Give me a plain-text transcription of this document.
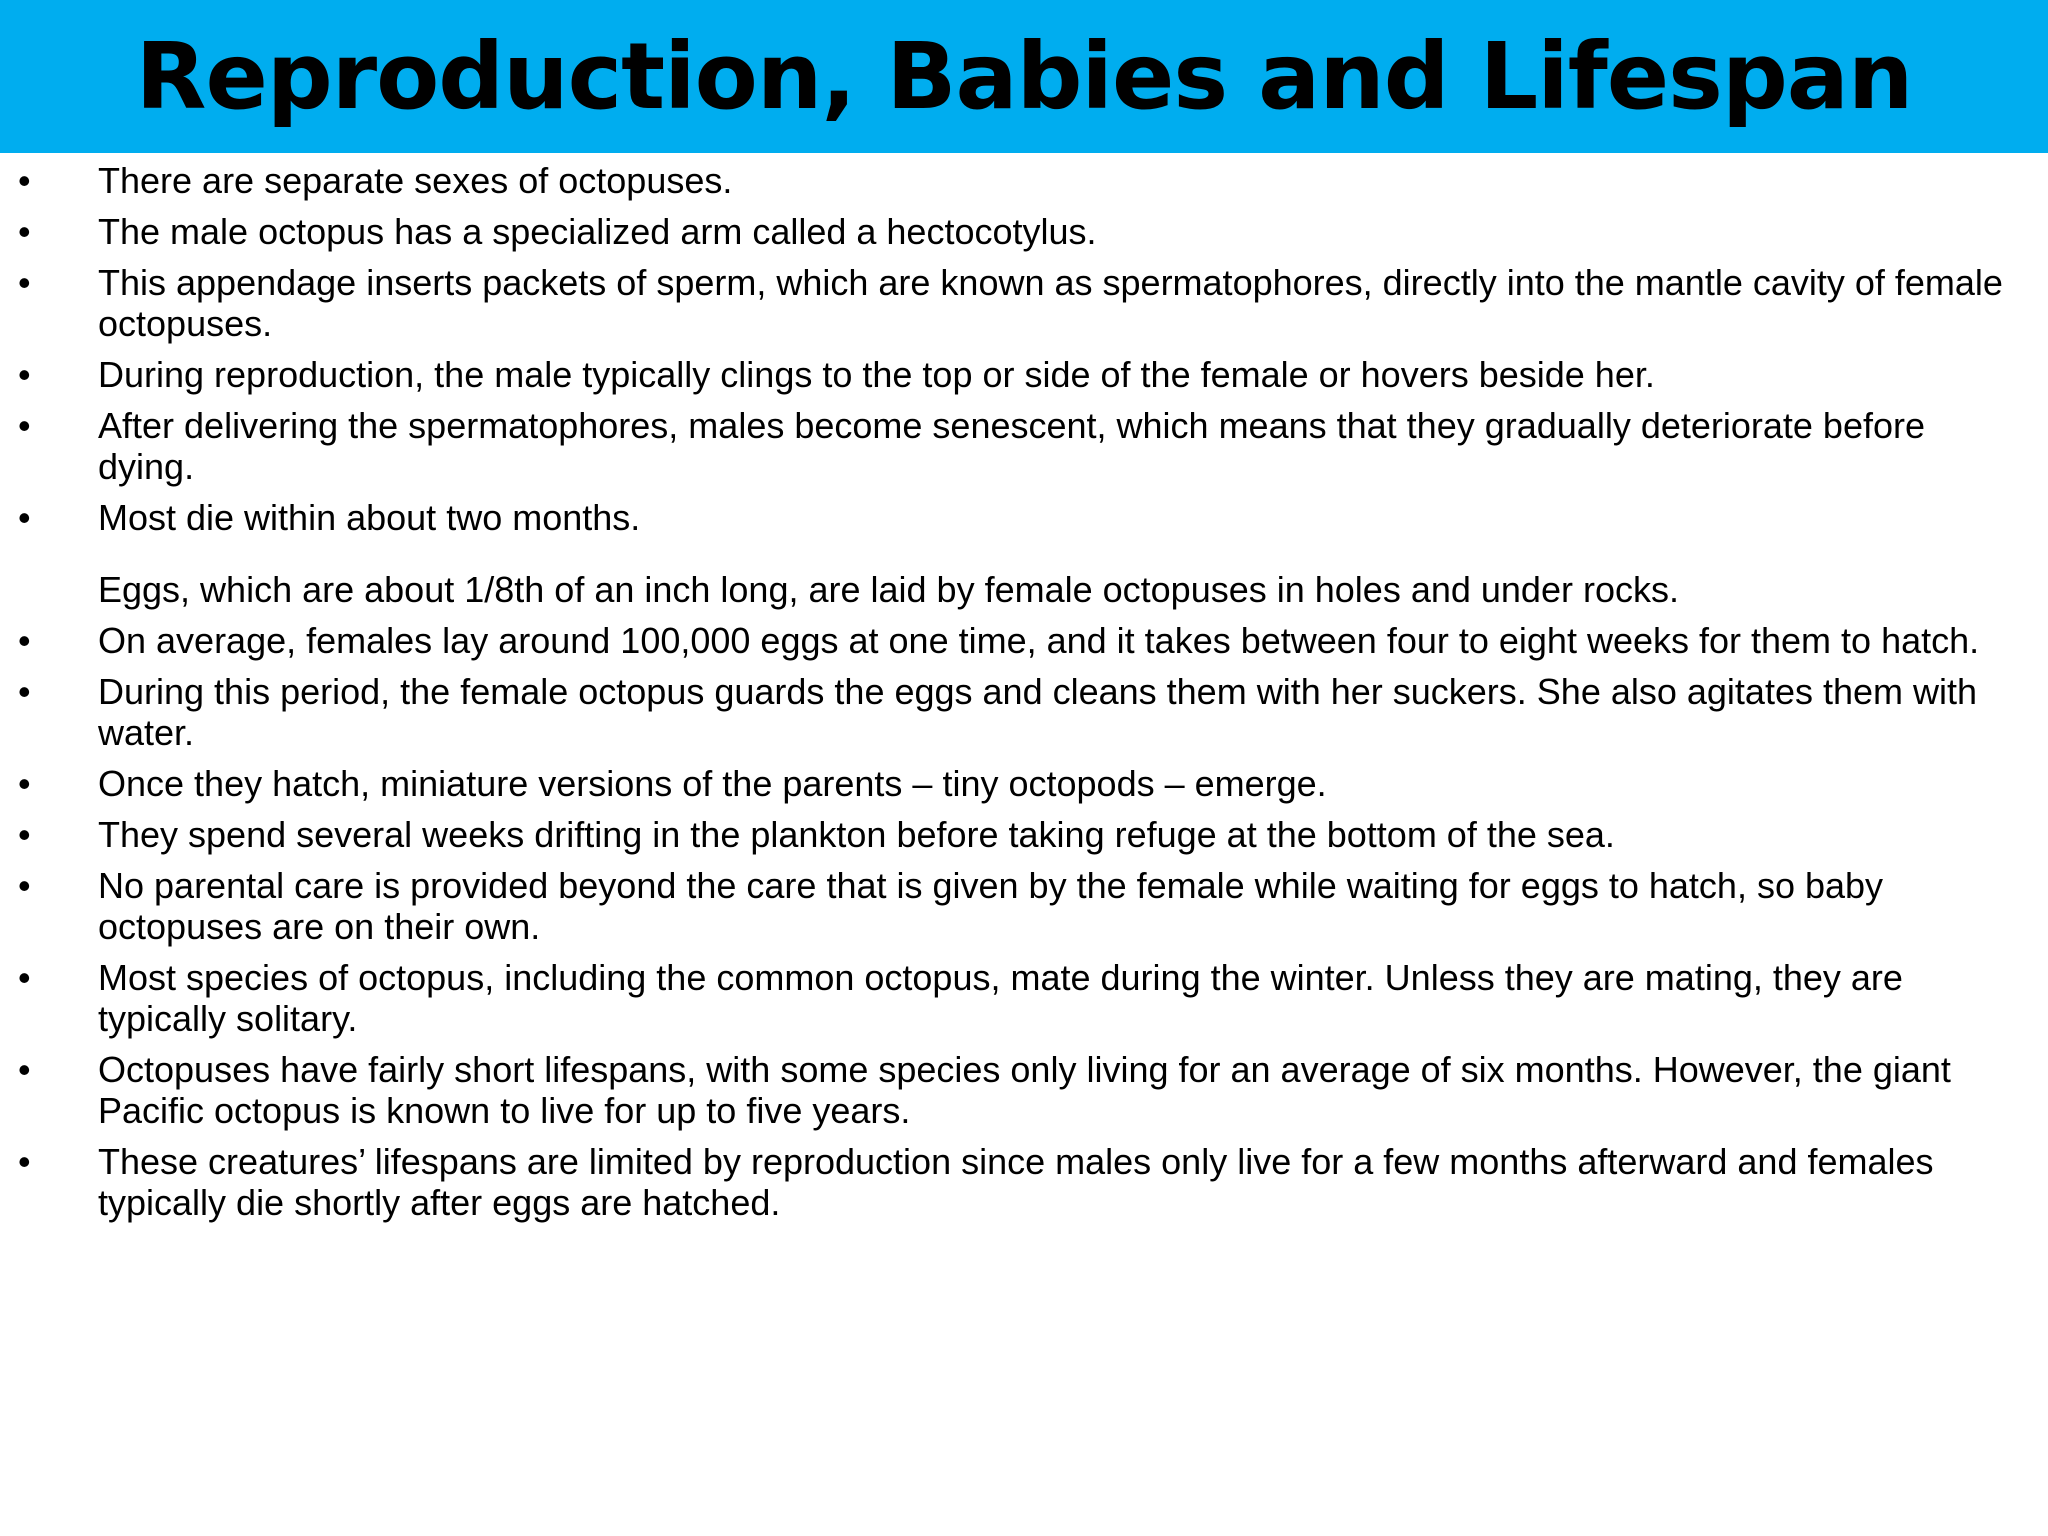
Reproduction, Babies and Lifespan
• There are separate sexes of octopuses.
• The male octopus has a specialized arm called a hectocotylus.
• This appendage inserts packets of sperm, which are known as spermatophores, directly into the mantle cavity of female octopuses.
• During reproduction, the male typically clings to the top or side of the female or hovers beside her.
• After delivering the spermatophores, males become senescent, which means that they gradually deteriorate before dying.
• Most die within about two months.
Eggs, which are about 1/8th of an inch long, are laid by female octopuses in holes and under rocks.
• On average, females lay around 100,000 eggs at one time, and it takes between four to eight weeks for them to hatch.
• During this period, the female octopus guards the eggs and cleans them with her suckers. She also agitates them with water.
• Once they hatch, miniature versions of the parents – tiny octopods – emerge.
• They spend several weeks drifting in the plankton before taking refuge at the bottom of the sea.
• No parental care is provided beyond the care that is given by the female while waiting for eggs to hatch, so baby octopuses are on their own.
• Most species of octopus, including the common octopus, mate during the winter. Unless they are mating, they are typically solitary.
• Octopuses have fairly short lifespans, with some species only living for an average of six months. However, the giant Pacific octopus is known to live for up to five years.
• These creatures’ lifespans are limited by reproduction since males only live for a few months afterward and females typically die shortly after eggs are hatched.
